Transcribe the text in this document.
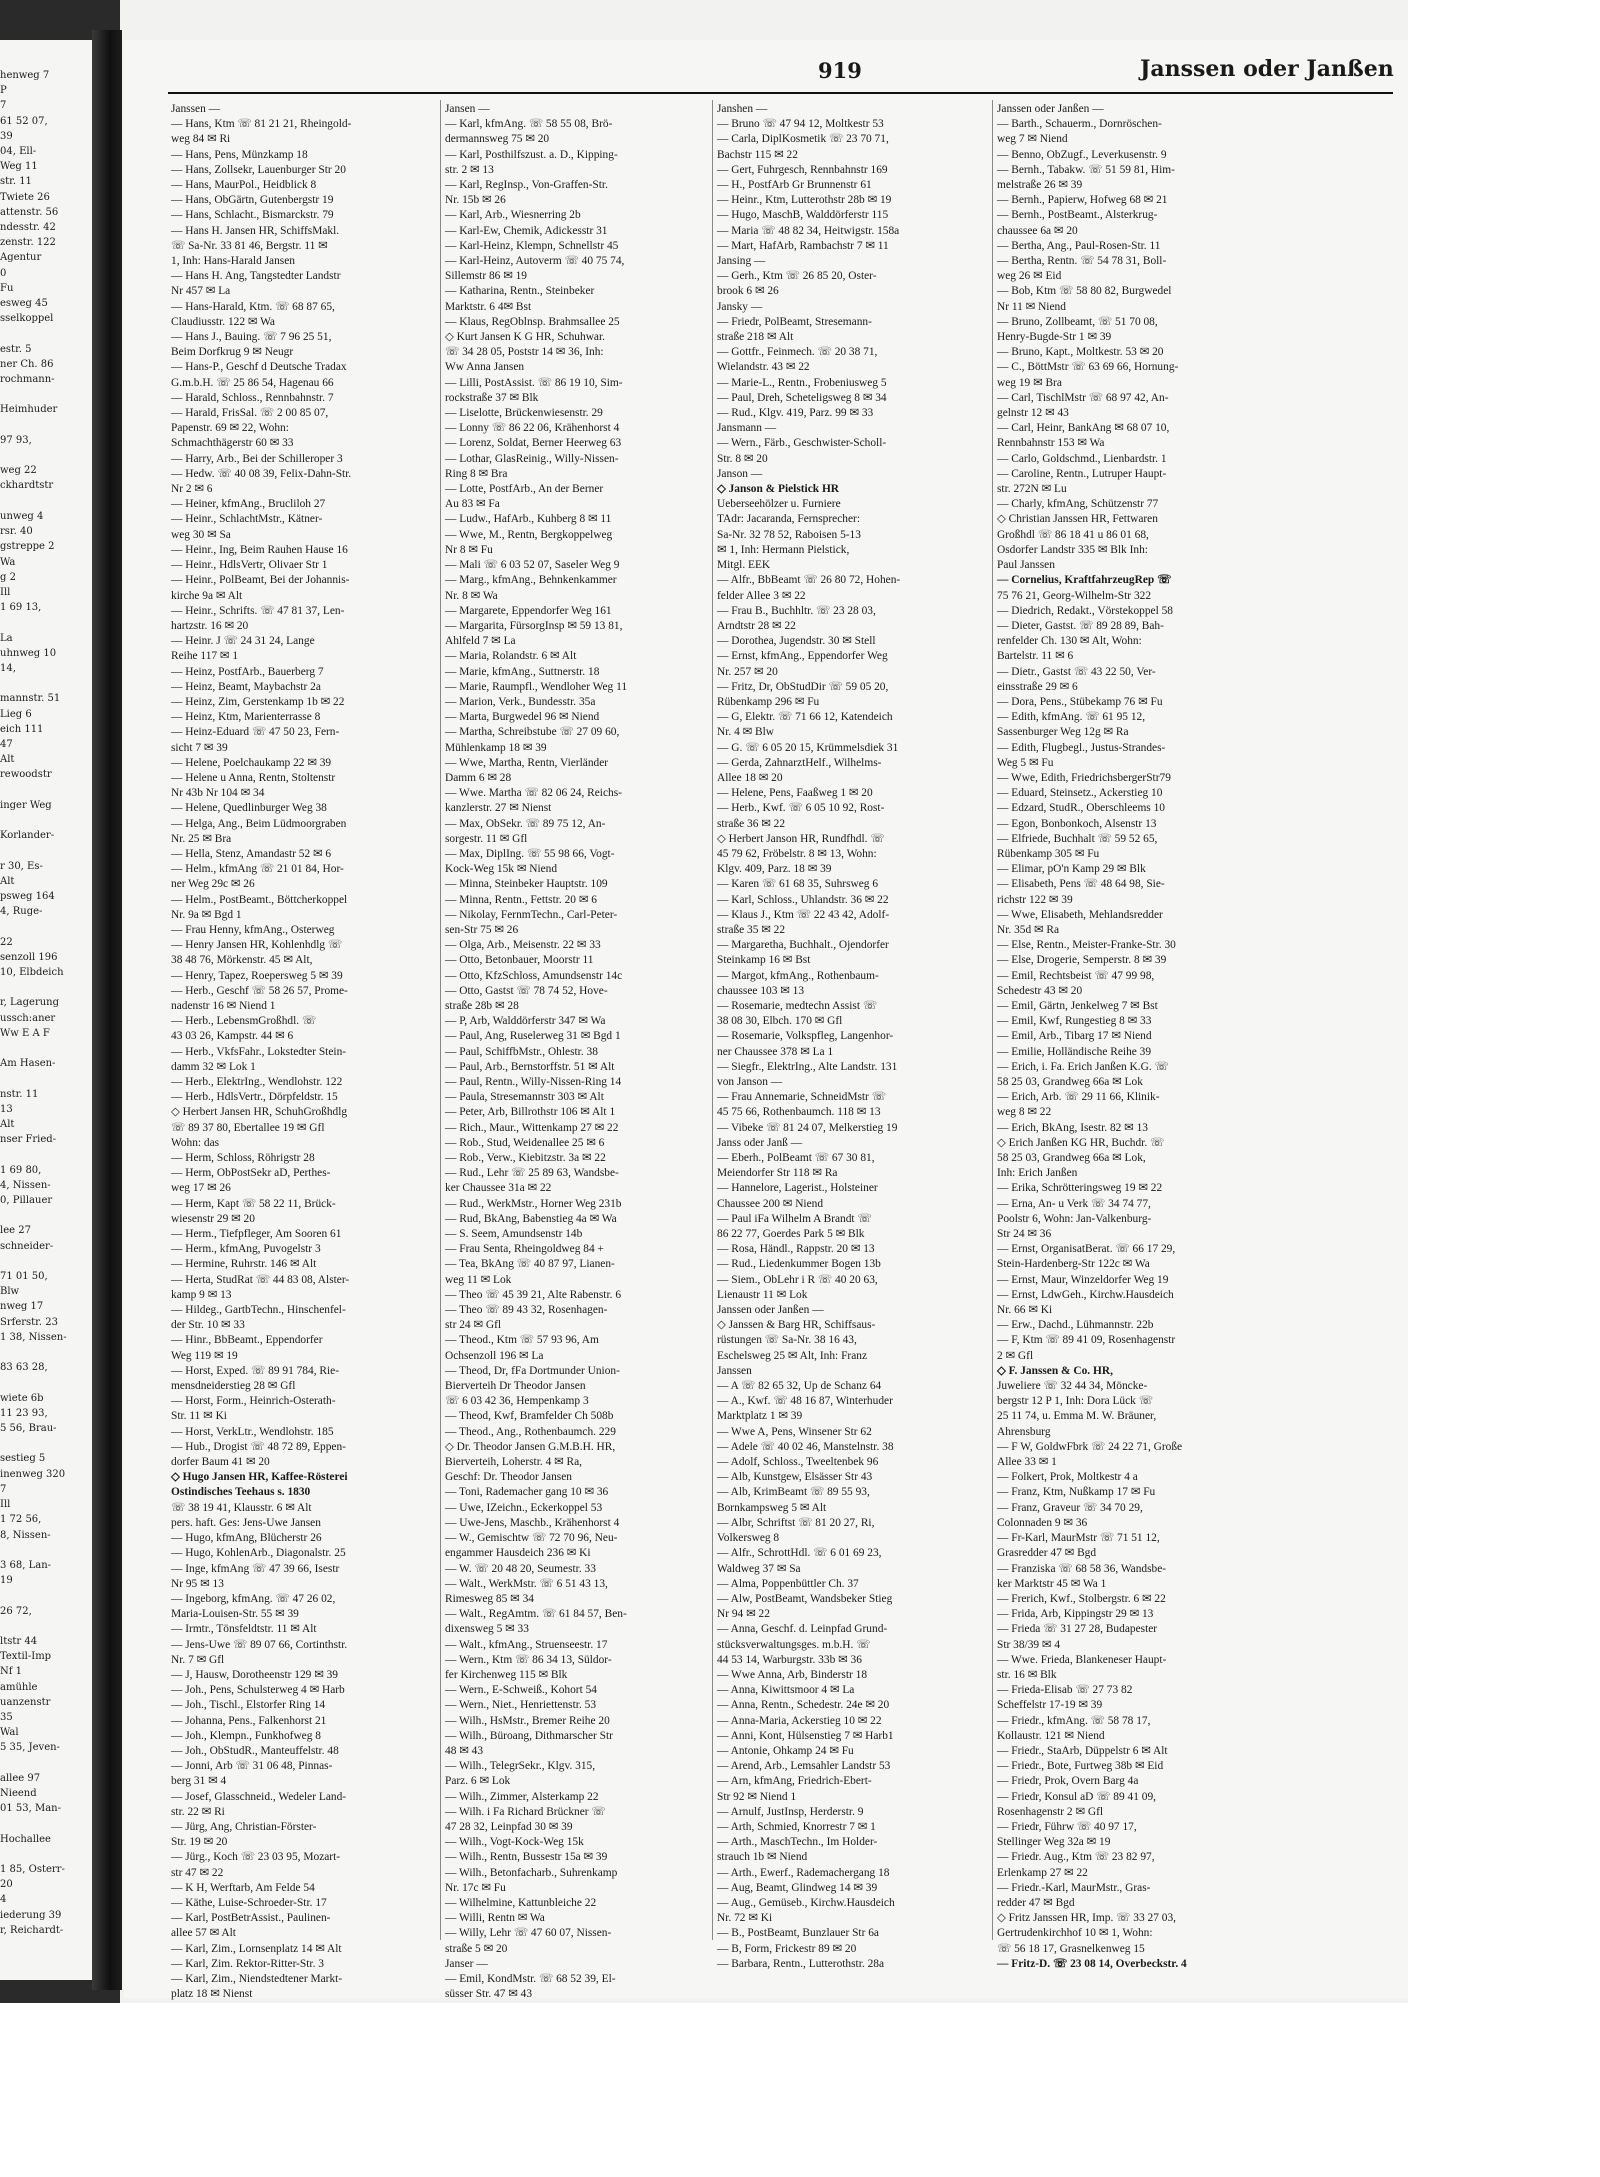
henweg 7
P
7
61 52 07,
39
04, Ell-
Weg 11
str. 11
Twiete 26
attenstr. 56
ndesstr. 42
zenstr. 122
Agentur
0
Fu
esweg 45
sselkoppel

estr. 5
ner Ch. 86
rochmann-

Heimhuder

97 93,

weg 22
ckhardtstr

unweg 4
rsr. 40
gstreppe 2
Wa
g 2
Ill
1 69 13,

La
uhnweg 10
14,

mannstr. 51
Lieg 6
eich 111
47
Alt
rewoodstr

inger Weg

Korlander-

r 30, Es-
Alt
psweg 164
4, Ruge-

22
senzoll 196
10, Elbdeich

r, Lagerung
ussch:aner
Ww E A F

Am Hasen-

nstr. 11
13
Alt
nser Fried-

1 69 80,
4, Nissen-
0, Pillauer

lee 27
schneider-

71 01 50,
Blw
nweg 17
Srferstr. 23
1 38, Nissen-

83 63 28,

wiete 6b
11 23 93,
5 56, Brau-

sestieg 5
inenweg 320
7
Ill
1 72 56,
8, Nissen-

3 68, Lan-
19

26 72,

ltstr 44
Textil-Imp
Nf 1
amühle
uanzenstr
35
Wal
5 35, Jeven-

allee 97
Nieend
01 53, Man-

Hochallee

1 85, Osterr-
20
4
iederung 39
r, Reichardt-
919	Janssen oder Janßen
Janssen —
— Hans, Ktm ☏ 81 21 21, Rheingold-
weg 84 ✉ Ri
— Hans, Pens, Münzkamp 18
— Hans, Zollsekr, Lauenburger Str 20
— Hans, MaurPol., Heidblick 8
— Hans, ObGärtn, Gutenbergstr 19
— Hans, Schlacht., Bismarckstr. 79
— Hans H. Jansen HR, SchiffsMakl.
☏ Sa-Nr. 33 81 46, Bergstr. 11 ✉
1, Inh: Hans-Harald Jansen
— Hans H. Ang, Tangstedter Landstr
Nr 457 ✉ La
— Hans-Harald, Ktm. ☏ 68 87 65,
Claudiusstr. 122 ✉ Wa
— Hans J., Bauing. ☏ 7 96 25 51,
Beim Dorfkrug 9 ✉ Neugr
— Hans-P., Geschf d Deutsche Tradax
G.m.b.H. ☏ 25 86 54, Hagenau 66
— Harald, Schloss., Rennbahnstr. 7
— Harald, FrisSal. ☏ 2 00 85 07,
Papenstr. 69 ✉ 22, Wohn:
Schmachthägerstr 60 ✉ 33
— Harry, Arb., Bei der Schilleroper 3
— Hedw. ☏ 40 08 39, Felix-Dahn-Str.
Nr 2 ✉ 6
— Heiner, kfmAng., Brucliloh 27
— Heinr., SchlachtMstr., Kätner-
weg 30 ✉ Sa
— Heinr., Ing, Beim Rauhen Hause 16
— Heinr., HdlsVertr, Olivaer Str 1
— Heinr., PolBeamt, Bei der Johannis-
kirche 9a ✉ Alt
— Heinr., Schrifts. ☏ 47 81 37, Len-
hartzstr. 16 ✉ 20
— Heinr. J ☏ 24 31 24, Lange
Reihe 117 ✉ 1
— Heinz, PostfArb., Bauerberg 7
— Heinz, Beamt, Maybachstr 2a
— Heinz, Zim, Gerstenkamp 1b ✉ 22
— Heinz, Ktm, Marienterrasse 8
— Heinz-Eduard ☏ 47 50 23, Fern-
sicht 7 ✉ 39
— Helene, Poelchaukamp 22 ✉ 39
— Helene u Anna, Rentn, Stoltenstr
Nr 43b Nr 104 ✉ 34
— Helene, Quedlinburger Weg 38
— Helga, Ang., Beim Lüdmoorgraben
Nr. 25 ✉ Bra
— Hella, Stenz, Amandastr 52 ✉ 6
— Helm., kfmAng ☏ 21 01 84, Hor-
ner Weg 29c ✉ 26
— Helm., PostBeamt., Böttcherkoppel
Nr. 9a ✉ Bgd 1
— Frau Henny, kfmAng., Osterweg
— Henry Jansen HR, Kohlenhdlg ☏
38 48 76, Mörkenstr. 45 ✉ Alt,
— Henry, Tapez, Roepersweg 5 ✉ 39
— Herb., Geschf ☏ 58 26 57, Prome-
nadenstr 16 ✉ Niend 1
— Herb., LebensmGroßhdl. ☏
43 03 26, Kampstr. 44 ✉ 6
— Herb., VkfsFahr., Lokstedter Stein-
damm 32 ✉ Lok 1
— Herb., ElektrIng., Wendlohstr. 122
— Herb., HdlsVertr., Dörpfeldstr. 15
◇ Herbert Jansen HR, SchuhGroßhdlg
☏ 89 37 80, Ebertallee 19 ✉ Gfl
Wohn: das
— Herm, Schloss, Röhrigstr 28
— Herm, ObPostSekr aD, Perthes-
weg 17 ✉ 26
— Herm, Kapt ☏ 58 22 11, Brück-
wiesenstr 29 ✉ 20
— Herm., Tiefpfleger, Am Sooren 61
— Herm., kfmAng, Puvogelstr 3
— Hermine, Ruhrstr. 146 ✉ Alt
— Herta, StudRat ☏ 44 83 08, Alster-
kamp 9 ✉ 13
— Hildeg., GartbTechn., Hinschenfel-
der Str. 10 ✉ 33
— Hinr., BbBeamt., Eppendorfer
Weg 119 ✉ 19
— Horst, Exped. ☏ 89 91 784, Rie-
mensdneiderstieg 28 ✉ Gfl
— Horst, Form., Heinrich-Osterath-
Str. 11 ✉ Ki
— Horst, VerkLtr., Wendlohstr. 185
— Hub., Drogist ☏ 48 72 89, Eppen-
dorfer Baum 41 ✉ 20
◇ Hugo Jansen HR, Kaffee-Rösterei
Ostindisches Teehaus s. 1830
☏ 38 19 41, Klausstr. 6 ✉ Alt
pers. haft. Ges: Jens-Uwe Jansen
— Hugo, kfmAng, Blücherstr 26
— Hugo, KohlenArb., Diagonalstr. 25
— Inge, kfmAng ☏ 47 39 66, Isestr
Nr 95 ✉ 13
— Ingeborg, kfmAng. ☏ 47 26 02,
Maria-Louisen-Str. 55 ✉ 39
— Irmtr., Tönsfeldtstr. 11 ✉ Alt
— Jens-Uwe ☏ 89 07 66, Cortinthstr.
Nr. 7 ✉ Gfl
— J, Hausw, Dorotheenstr 129 ✉ 39
— Joh., Pens, Schulsterweg 4 ✉ Harb
— Joh., Tischl., Elstorfer Ring 14
— Johanna, Pens., Falkenhorst 21
— Joh., Klempn., Funkhofweg 8
— Joh., ObStudR., Manteuffelstr. 48
— Jonni, Arb ☏ 31 06 48, Pinnas-
berg 31 ✉ 4
— Josef, Glasschneid., Wedeler Land-
str. 22 ✉ Ri
— Jürg, Ang, Christian-Förster-
Str. 19 ✉ 20
— Jürg., Koch ☏ 23 03 95, Mozart-
str 47 ✉ 22
— K H, Werftarb, Am Felde 54
— Käthe, Luise-Schroeder-Str. 17
— Karl, PostBetrAssist., Paulinen-
allee 57 ✉ Alt
— Karl, Zim., Lornsenplatz 14 ✉ Alt
— Karl, Zim. Rektor-Ritter-Str. 3
— Karl, Zim., Niendstedtener Markt-
platz 18 ✉ Nienst
Jansen —
— Karl, kfmAng. ☏ 58 55 08, Brö-
dermannsweg 75 ✉ 20
— Karl, Posthilfszust. a. D., Kipping-
str. 2 ✉ 13
— Karl, RegInsp., Von-Graffen-Str.
Nr. 15b ✉ 26
— Karl, Arb., Wiesnerring 2b
— Karl-Ew, Chemik, Adickesstr 31
— Karl-Heinz, Klempn, Schnellstr 45
— Karl-Heinz, Autoverm ☏ 40 75 74,
Sillemstr 86 ✉ 19
— Katharina, Rentn., Steinbeker
Marktstr. 6 4✉ Bst
— Klaus, RegOblnsp. Brahmsallee 25
◇ Kurt Jansen K G HR, Schuhwar.
☏ 34 28 05, Poststr 14 ✉ 36, Inh:
Ww Anna Jansen
— Lilli, PostAssist. ☏ 86 19 10, Sim-
rockstraße 37 ✉ Blk
— Liselotte, Brückenwiesenstr. 29
— Lonny ☏ 86 22 06, Krähenhorst 4
— Lorenz, Soldat, Berner Heerweg 63
— Lothar, GlasReinig., Willy-Nissen-
Ring 8 ✉ Bra
— Lotte, PostfArb., An der Berner
Au 83 ✉ Fa
— Ludw., HafArb., Kuhberg 8 ✉ 11
— Wwe, M., Rentn, Bergkoppelweg
Nr 8 ✉ Fu
— Mali ☏ 6 03 52 07, Saseler Weg 9
— Marg., kfmAng., Behnkenkammer
Nr. 8 ✉ Wa
— Margarete, Eppendorfer Weg 161
— Margarita, FürsorgInsp ✉ 59 13 81,
Ahlfeld 7 ✉ La
— Maria, Rolandstr. 6 ✉ Alt
— Marie, kfmAng., Suttnerstr. 18
— Marie, Raumpfl., Wendloher Weg 11
— Marion, Verk., Bundesstr. 35a
— Marta, Burgwedel 96 ✉ Niend
— Martha, Schreibstube ☏ 27 09 60,
Mühlenkamp 18 ✉ 39
— Wwe, Martha, Rentn, Vierländer
Damm 6 ✉ 28
— Wwe. Martha ☏ 82 06 24, Reichs-
kanzlerstr. 27 ✉ Nienst
— Max, ObSekr. ☏ 89 75 12, An-
sorgestr. 11 ✉ Gfl
— Max, DiplIng. ☏ 55 98 66, Vogt-
Kock-Weg 15k ✉ Niend
— Minna, Steinbeker Hauptstr. 109
— Minna, Rentn., Fettstr. 20 ✉ 6
— Nikolay, FernmTechn., Carl-Peter-
sen-Str 75 ✉ 26
— Olga, Arb., Meisenstr. 22 ✉ 33
— Otto, Betonbauer, Moorstr 11
— Otto, KfzSchloss, Amundsenstr 14c
— Otto, Gastst ☏ 78 74 52, Hove-
straße 28b ✉ 28
— P, Arb, Walddörferstr 347 ✉ Wa
— Paul, Ang, Ruselerweg 31 ✉ Bgd 1
— Paul, SchiffbMstr., Ohlestr. 38
— Paul, Arb., Bernstorffstr. 51 ✉ Alt
— Paul, Rentn., Willy-Nissen-Ring 14
— Paula, Stresemannstr 303 ✉ Alt
— Peter, Arb, Billrothstr 106 ✉ Alt 1
— Rich., Maur., Wittenkamp 27 ✉ 22
— Rob., Stud, Weidenallee 25 ✉ 6
— Rob., Verw., Kiebitzstr. 3a ✉ 22
— Rud., Lehr ☏ 25 89 63, Wandsbe-
ker Chaussee 31a ✉ 22
— Rud., WerkMstr., Horner Weg 231b
— Rud, BkAng, Babenstieg 4a ✉ Wa
— S. Seem, Amundsenstr 14b
— Frau Senta, Rheingoldweg 84 +
— Tea, BkAng ☏ 40 87 97, Lianen-
weg 11 ✉ Lok
— Theo ☏ 45 39 21, Alte Rabenstr. 6
— Theo ☏ 89 43 32, Rosenhagen-
str 24 ✉ Gfl
— Theod., Ktm ☏ 57 93 96, Am
Ochsenzoll 196 ✉ La
— Theod, Dr, fFa Dortmunder Union-
Bierverteih Dr Theodor Jansen
☏ 6 03 42 36, Hempenkamp 3
— Theod, Kwf, Bramfelder Ch 508b
— Theod., Ang., Rothenbaumch. 229
◇ Dr. Theodor Jansen G.M.B.H. HR,
Bierverteih, Loherstr. 4 ✉ Ra,
Geschf: Dr. Theodor Jansen
— Toni, Rademacher gang 10 ✉ 36
— Uwe, IZeichn., Eckerkoppel 53
— Uwe-Jens, Maschb., Krähenhorst 4
— W., Gemischtw ☏ 72 70 96, Neu-
engammer Hausdeich 236 ✉ Ki
— W. ☏ 20 48 20, Seumestr. 33
— Walt., WerkMstr. ☏ 6 51 43 13,
Rimesweg 85 ✉ 34
— Walt., RegAmtm. ☏ 61 84 57, Ben-
dixensweg 5 ✉ 33
— Walt., kfmAng., Struenseestr. 17
— Wern., Ktm ☏ 86 34 13, Süldor-
fer Kirchenweg 115 ✉ Blk
— Wern., E-Schweiß., Kohort 54
— Wern., Niet., Henriettenstr. 53
— Wilh., HsMstr., Bremer Reihe 20
— Wilh., Büroang, Dithmarscher Str
48 ✉ 43
— Wilh., TelegrSekr., Klgv. 315,
Parz. 6 ✉ Lok
— Wilh., Zimmer, Alsterkamp 22
— Wilh. i Fa Richard Brückner ☏
47 28 32, Leinpfad 30 ✉ 39
— Wilh., Vogt-Kock-Weg 15k
— Wilh., Rentn, Bussestr 15a ✉ 39
— Wilh., Betonfacharb., Suhrenkamp
Nr. 17c ✉ Fu
— Wilhelmine, Kattunbleiche 22
— Willi, Rentn ✉ Wa
— Willy, Lehr ☏ 47 60 07, Nissen-
straße 5 ✉ 20
Janser —
— Emil, KondMstr. ☏ 68 52 39, El-
süsser Str. 47 ✉ 43
Janshen —
— Bruno ☏ 47 94 12, Moltkestr 53
— Carla, DiplKosmetik ☏ 23 70 71,
Bachstr 115 ✉ 22
— Gert, Fuhrgesch, Rennbahnstr 169
— H., PostfArb Gr Brunnenstr 61
— Heinr., Ktm, Lutterothstr 28b ✉ 19
— Hugo, MaschB, Walddörferstr 115
— Maria ☏ 48 82 34, Heitwigstr. 158a
— Mart, HafArb, Rambachstr 7 ✉ 11
Jansing —
— Gerh., Ktm ☏ 26 85 20, Oster-
brook 6 ✉ 26
Jansky —
— Friedr, PolBeamt, Stresemann-
straße 218 ✉ Alt
— Gottfr., Feinmech. ☏ 20 38 71,
Wielandstr. 43 ✉ 22
— Marie-L., Rentn., Frobeniusweg 5
— Paul, Dreh, Scheteligsweg 8 ✉ 34
— Rud., Klgv. 419, Parz. 99 ✉ 33
Jansmann —
— Wern., Färb., Geschwister-Scholl-
Str. 8 ✉ 20
Janson —
◇ Janson & Pielstick HR
Ueberseehölzer u. Furniere
TAdr: Jacaranda, Fernsprecher:
Sa-Nr. 32 78 52, Raboisen 5-13
✉ 1, Inh: Hermann Pielstick,
Mitgl. EEK
— Alfr., BbBeamt ☏ 26 80 72, Hohen-
felder Allee 3 ✉ 22
— Frau B., Buchhltr. ☏ 23 28 03,
Arndtstr 28 ✉ 22
— Dorothea, Jugendstr. 30 ✉ Stell
— Ernst, kfmAng., Eppendorfer Weg
Nr. 257 ✉ 20
— Fritz, Dr, ObStudDir ☏ 59 05 20,
Rübenkamp 296 ✉ Fu
— G, Elektr. ☏ 71 66 12, Katendeich
Nr. 4 ✉ Blw
— G. ☏ 6 05 20 15, Krümmelsdiek 31
— Gerda, ZahnarztHelf., Wilhelms-
Allee 18 ✉ 20
— Helene, Pens, Faaßweg 1 ✉ 20
— Herb., Kwf. ☏ 6 05 10 92, Rost-
straße 36 ✉ 22
◇ Herbert Janson HR, Rundfhdl. ☏
45 79 62, Fröbelstr. 8 ✉ 13, Wohn:
Klgv. 409, Parz. 18 ✉ 39
— Karen ☏ 61 68 35, Suhrsweg 6
— Karl, Schloss., Uhlandstr. 36 ✉ 22
— Klaus J., Ktm ☏ 22 43 42, Adolf-
straße 35 ✉ 22
— Margaretha, Buchhalt., Ojendorfer
Steinkamp 16 ✉ Bst
— Margot, kfmAng., Rothenbaum-
chaussee 103 ✉ 13
— Rosemarie, medtechn Assist ☏
38 08 30, Elbch. 170 ✉ Gfl
— Rosemarie, Volkspfleg, Langenhor-
ner Chaussee 378 ✉ La 1
— Siegfr., ElektrIng., Alte Landstr. 131
von Janson —
— Frau Annemarie, SchneidMstr ☏
45 75 66, Rothenbaumch. 118 ✉ 13
— Vibeke ☏ 81 24 07, Melkerstieg 19
Janss oder Janß —
— Eberh., PolBeamt ☏ 67 30 81,
Meiendorfer Str 118 ✉ Ra
— Hannelore, Lagerist., Holsteiner
Chaussee 200 ✉ Niend
— Paul iFa Wilhelm A Brandt ☏
86 22 77, Goerdes Park 5 ✉ Blk
— Rosa, Händl., Rappstr. 20 ✉ 13
— Rud., Liedenkummer Bogen 13b
— Siem., ObLehr i R ☏ 40 20 63,
Lienaustr 11 ✉ Lok
Janssen oder Janßen —
◇ Janssen & Barg HR, Schiffsaus-
rüstungen ☏ Sa-Nr. 38 16 43,
Eschelsweg 25 ✉ Alt, Inh: Franz
Janssen
— A ☏ 82 65 32, Up de Schanz 64
— A., Kwf. ☏ 48 16 87, Winterhuder
Marktplatz 1 ✉ 39
— Wwe A, Pens, Winsener Str 62
— Adele ☏ 40 02 46, Manstelnstr. 38
— Adolf, Schloss., Tweeltenbek 96
— Alb, Kunstgew, Elsässer Str 43
— Alb, KrimBeamt ☏ 89 55 93,
Bornkampsweg 5 ✉ Alt
— Albr, Schriftst ☏ 81 20 27, Ri,
Volkersweg 8
— Alfr., SchrottHdl. ☏ 6 01 69 23,
Waldweg 37 ✉ Sa
— Alma, Poppenbüttler Ch. 37
— Alw, PostBeamt, Wandsbeker Stieg
Nr 94 ✉ 22
— Anna, Geschf. d. Leinpfad Grund-
stücksverwaltungsges. m.b.H. ☏
44 53 14, Warburgstr. 33b ✉ 36
— Wwe Anna, Arb, Binderstr 18
— Anna, Kiwittsmoor 4 ✉ La
— Anna, Rentn., Schedestr. 24e ✉ 20
— Anna-Maria, Ackerstieg 10 ✉ 22
— Anni, Kont, Hülsenstieg 7 ✉ Harb1
— Antonie, Ohkamp 24 ✉ Fu
— Arend, Arb., Lemsahler Landstr 53
— Arn, kfmAng, Friedrich-Ebert-
Str 92 ✉ Niend 1
— Arnulf, JustInsp, Herderstr. 9
— Arth, Schmied, Knorrestr 7 ✉ 1
— Arth., MaschTechn., Im Holder-
strauch 1b ✉ Niend
— Arth., Ewerf., Rademachergang 18
— Aug, Beamt, Glindweg 14 ✉ 39
— Aug., Gemüseb., Kirchw.Hausdeich
Nr. 72 ✉ Ki
— B., PostBeamt, Bunzlauer Str 6a
— B, Form, Frickestr 89 ✉ 20
— Barbara, Rentn., Lutterothstr. 28a
Janssen oder Janßen —
— Barth., Schauerm., Dornröschen-
weg 7 ✉ Niend
— Benno, ObZugf., Leverkusenstr. 9
— Bernh., Tabakw. ☏ 51 59 81, Him-
melstraße 26 ✉ 39
— Bernh., Papierw, Hofweg 68 ✉ 21
— Bernh., PostBeamt., Alsterkrug-
chaussee 6a ✉ 20
— Bertha, Ang., Paul-Rosen-Str. 11
— Bertha, Rentn. ☏ 54 78 31, Boll-
weg 26 ✉ Eid
— Bob, Ktm ☏ 58 80 82, Burgwedel
Nr 11 ✉ Niend
— Bruno, Zollbeamt, ☏ 51 70 08,
Henry-Bugde-Str 1 ✉ 39
— Bruno, Kapt., Moltkestr. 53 ✉ 20
— C., BöttMstr ☏ 63 69 66, Hornung-
weg 19 ✉ Bra
— Carl, TischlMstr ☏ 68 97 42, An-
gelnstr 12 ✉ 43
— Carl, Heinr, BankAng ✉ 68 07 10,
Rennbahnstr 153 ✉ Wa
— Carlo, Goldschmd., Lienbardstr. 1
— Caroline, Rentn., Lutruper Haupt-
str. 272N ✉ Lu
— Charly, kfmAng, Schützenstr 77
◇ Christian Janssen HR, Fettwaren
Großhdl ☏ 86 18 41 u 86 01 68,
Osdorfer Landstr 335 ✉ Blk Inh:
Paul Janssen
— Cornelius, KraftfahrzeugRep ☏
75 76 21, Georg-Wilhelm-Str 322
— Diedrich, Redakt., Vörstekoppel 58
— Dieter, Gastst. ☏ 89 28 89, Bah-
renfelder Ch. 130 ✉ Alt, Wohn:
Bartelstr. 11 ✉ 6
— Dietr., Gastst ☏ 43 22 50, Ver-
einsstraße 29 ✉ 6
— Dora, Pens., Stübekamp 76 ✉ Fu
— Edith, kfmAng. ☏ 61 95 12,
Sassenburger Weg 12g ✉ Ra
— Edith, Flugbegl., Justus-Strandes-
Weg 5 ✉ Fu
— Wwe, Edith, FriedrichsbergerStr79
— Eduard, Steinsetz., Ackerstieg 10
— Edzard, StudR., Oberschleems 10
— Egon, Bonbonkoch, Alsenstr 13
— Elfriede, Buchhalt ☏ 59 52 65,
Rübenkamp 305 ✉ Fu
— Elimar, pO'n Kamp 29 ✉ Blk
— Elisabeth, Pens ☏ 48 64 98, Sie-
richstr 122 ✉ 39
— Wwe, Elisabeth, Mehlandsredder
Nr. 35d ✉ Ra
— Else, Rentn., Meister-Franke-Str. 30
— Else, Drogerie, Semperstr. 8 ✉ 39
— Emil, Rechtsbeist ☏ 47 99 98,
Schedestr 43 ✉ 20
— Emil, Gärtn, Jenkelweg 7 ✉ Bst
— Emil, Kwf, Rungestieg 8 ✉ 33
— Emil, Arb., Tibarg 17 ✉ Niend
— Emilie, Holländische Reihe 39
— Erich, i. Fa. Erich Janßen K.G. ☏
58 25 03, Grandweg 66a ✉ Lok
— Erich, Arb. ☏ 29 11 66, Klinik-
weg 8 ✉ 22
— Erich, BkAng, Isestr. 82 ✉ 13
◇ Erich Janßen KG HR, Buchdr. ☏
58 25 03, Grandweg 66a ✉ Lok,
Inh: Erich Janßen
— Erika, Schrötteringsweg 19 ✉ 22
— Erna, An- u Verk ☏ 34 74 77,
Poolstr 6, Wohn: Jan-Valkenburg-
Str 24 ✉ 36
— Ernst, OrganisatBerat. ☏ 66 17 29,
Stein-Hardenberg-Str 122c ✉ Wa
— Ernst, Maur, Winzeldorfer Weg 19
— Ernst, LdwGeh., Kirchw.Hausdeich
Nr. 66 ✉ Ki
— Erw., Dachd., Lühmannstr. 22b
— F, Ktm ☏ 89 41 09, Rosenhagenstr
2 ✉ Gfl
◇ F. Janssen & Co. HR,
Juweliere ☏ 32 44 34, Möncke-
bergstr 12 P 1, Inh: Dora Lück ☏
25 11 74, u. Emma M. W. Bräuner,
Ahrensburg
— F W, GoldwFbrk ☏ 24 22 71, Große
Allee 33 ✉ 1
— Folkert, Prok, Moltkestr 4 a
— Franz, Ktm, Nußkamp 17 ✉ Fu
— Franz, Graveur ☏ 34 70 29,
Colonnaden 9 ✉ 36
— Fr-Karl, MaurMstr ☏ 71 51 12,
Grasredder 47 ✉ Bgd
— Franziska ☏ 68 58 36, Wandsbe-
ker Marktstr 45 ✉ Wa 1
— Frerich, Kwf., Stolbergstr. 6 ✉ 22
— Frida, Arb, Kippingstr 29 ✉ 13
— Frieda ☏ 31 27 28, Budapester
Str 38/39 ✉ 4
— Wwe. Frieda, Blankeneser Haupt-
str. 16 ✉ Blk
— Frieda-Elisab ☏ 27 73 82
Scheffelstr 17-19 ✉ 39
— Friedr., kfmAng. ☏ 58 78 17,
Kollaustr. 121 ✉ Niend
— Friedr., StaArb, Düppelstr 6 ✉ Alt
— Friedr., Bote, Furtweg 38b ✉ Eid
— Friedr, Prok, Overn Barg 4a
— Friedr, Konsul aD ☏ 89 41 09,
Rosenhagenstr 2 ✉ Gfl
— Friedr, Führw ☏ 40 97 17,
Stellinger Weg 32a ✉ 19
— Friedr. Aug., Ktm ☏ 23 82 97,
Erlenkamp 27 ✉ 22
— Friedr.-Karl, MaurMstr., Gras-
redder 47 ✉ Bgd
◇ Fritz Janssen HR, Imp. ☏ 33 27 03,
Gertrudenkirchhof 10 ✉ 1, Wohn:
☏ 56 18 17, Grasnelkenweg 15
— Fritz-D. ☏ 23 08 14, Overbeckstr. 4
